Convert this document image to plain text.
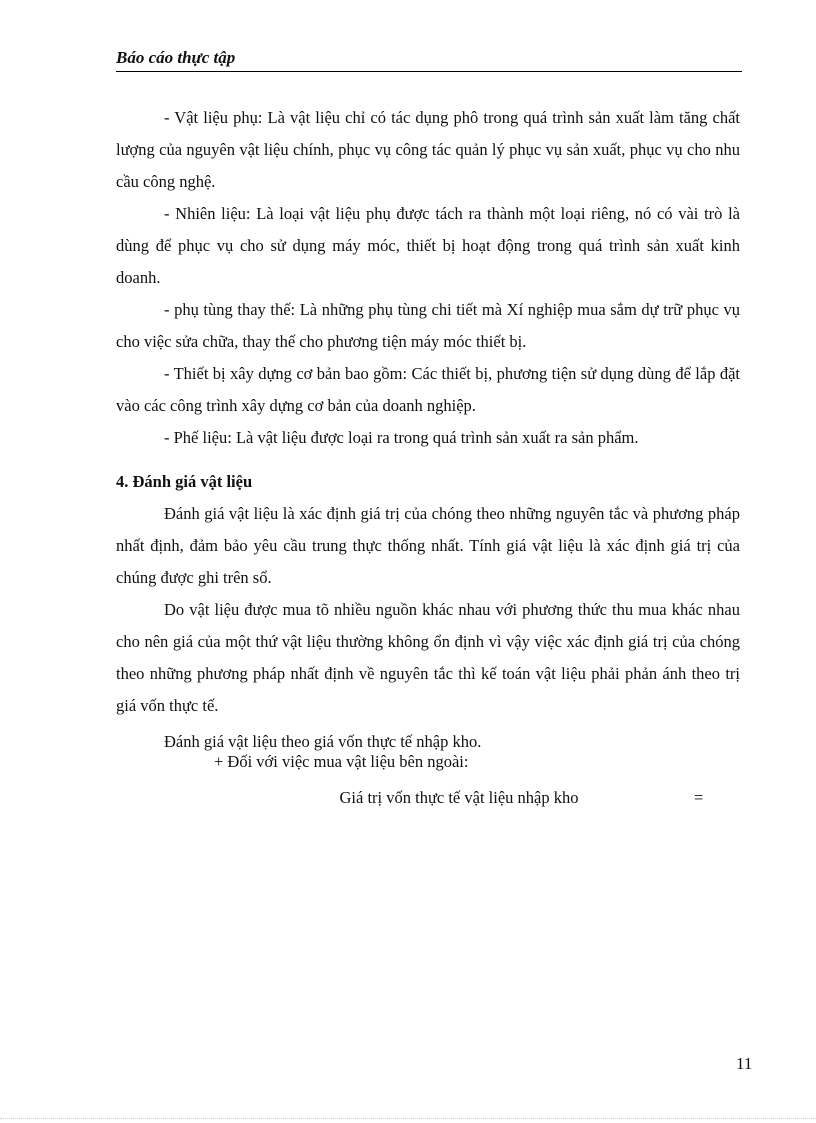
Báo cáo thực tập

- Vật liệu phụ: Là vật liệu chỉ có tác dụng phô trong quá trình sản xuất làm tăng chất lượng của nguyên vật liệu chính, phục vụ công tác quản lý phục vụ sản xuất, phục vụ cho nhu cầu công nghệ.

- Nhiên liệu: Là loại vật liệu phụ được tách ra thành một loại riêng, nó có vài trò là dùng để phục vụ cho sử dụng máy móc, thiết bị hoạt động trong quá trình sản xuất kinh doanh.

- phụ tùng thay thế: Là những phụ tùng chi tiết mà Xí nghiệp mua sắm dự trữ phục vụ cho việc sửa chữa, thay thế cho phương tiện máy móc thiết bị.

- Thiết bị xây dựng cơ bản bao gồm: Các thiết bị, phương tiện sử dụng dùng để lắp đặt vào các công trình xây dựng cơ bản của doanh nghiệp.

- Phế liệu: Là vật liệu được loại ra trong quá trình sản xuất ra sản phẩm.

4. Đánh giá vật liệu

Đánh giá vật liệu là xác định giá trị của chóng theo những nguyên tắc và phương pháp nhất định, đảm bảo yêu cầu trung thực thống nhất. Tính giá vật liệu là xác định giá trị của chúng được ghi trên sổ.

Do vật liệu được mua tõ nhiều nguồn khác nhau với phương thức thu mua khác nhau cho nên giá của một thứ vật liệu thường không ổn định vì vậy việc xác định giá trị của chóng theo những phương pháp nhất định về nguyên tắc thì kế toán vật liệu phải phản ánh theo trị giá vốn thực tế.

Đánh giá vật liệu theo giá vốn thực tế nhập kho.

+ Đối với việc mua vật liệu bên ngoài:

Giá trị vốn thực tế vật liệu nhập kho	=
11
